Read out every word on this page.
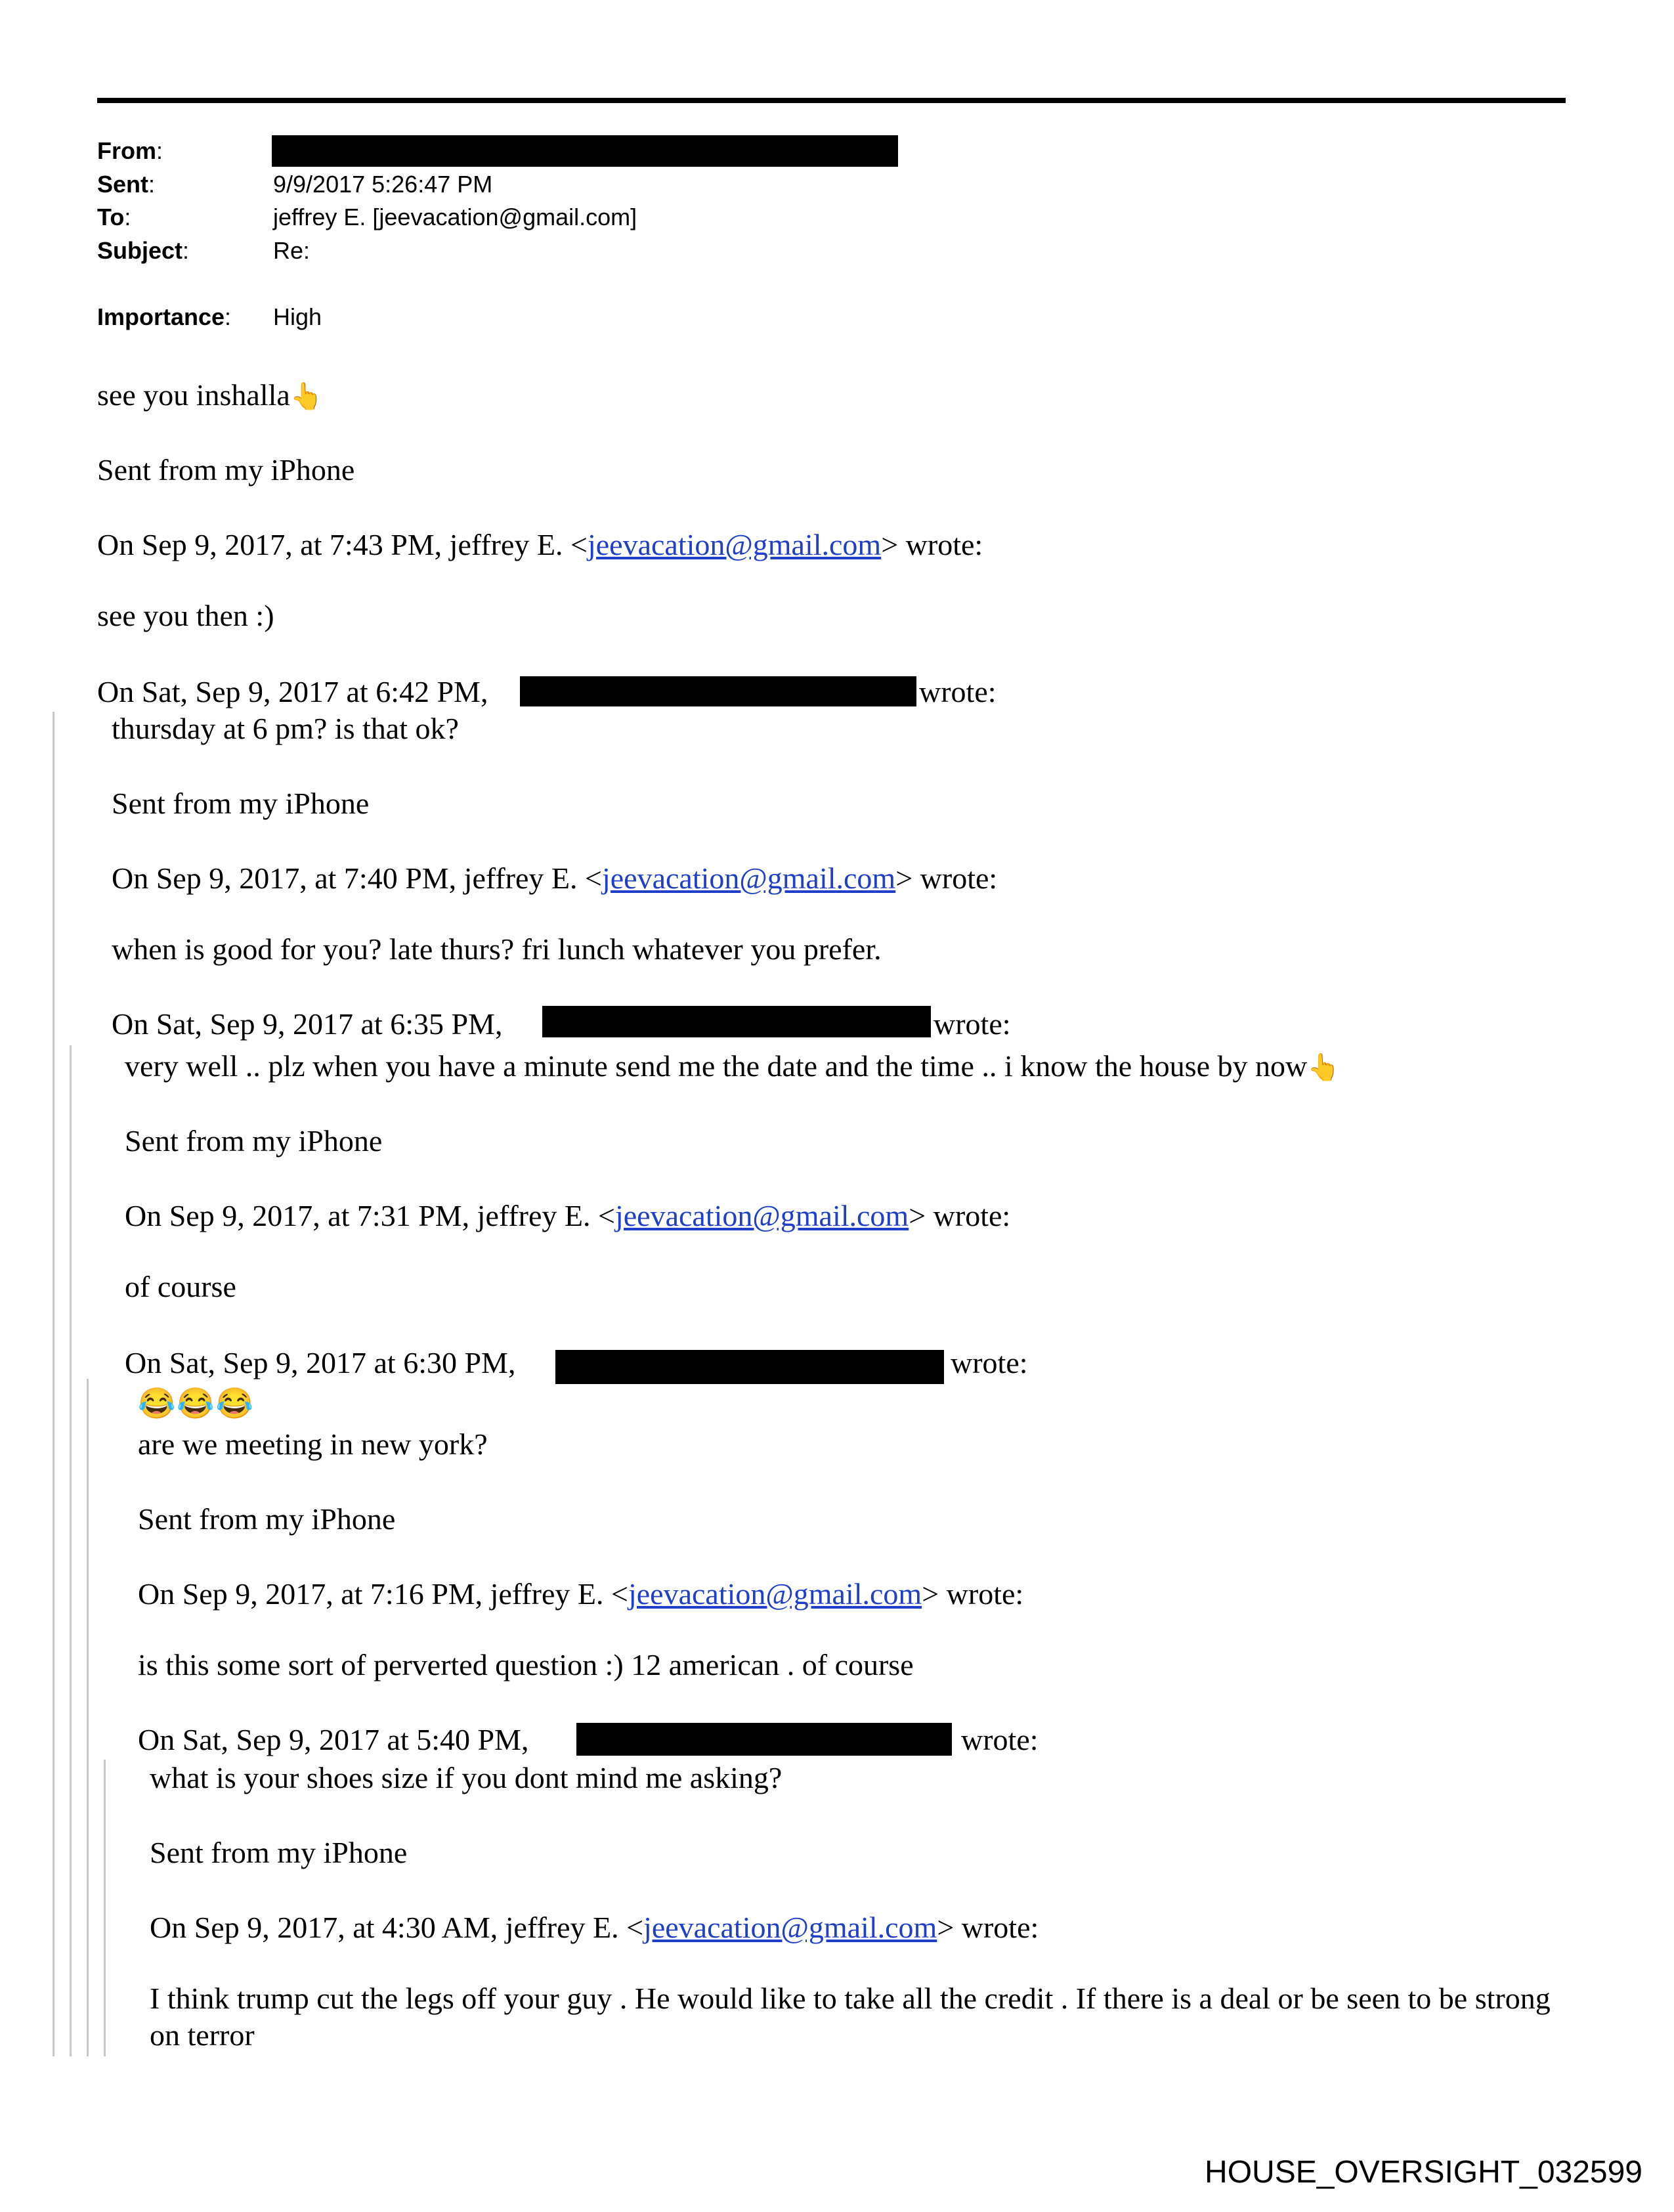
From:
Sent:	9/9/2017 5:26:47 PM
To:	jeffrey E. [jeevacation@gmail.com]
Subject:	Re:
Importance: High
see you inshalla👆
Sent from my iPhone
On Sep 9, 2017, at 7:43 PM, jeffrey E. <jeevacation@gmail.com> wrote:
see you then :)
On Sat, Sep 9, 2017 at 6:42 PM,	wrote:
thursday at 6 pm? is that ok?
Sent from my iPhone
On Sep 9, 2017, at 7:40 PM, jeffrey E. <jeevacation@gmail.com> wrote:
when is good for you? late thurs? fri lunch whatever you prefer.
On Sat, Sep 9, 2017 at 6:35 PM,	wrote:
very well .. plz when you have a minute send me the date and the time .. i know the house by now👆
Sent from my iPhone
On Sep 9, 2017, at 7:31 PM, jeffrey E. <jeevacation@gmail.com> wrote:
of course
On Sat, Sep 9, 2017 at 6:30 PM,	wrote:
😂😂😂
are we meeting in new york?
Sent from my iPhone
On Sep 9, 2017, at 7:16 PM, jeffrey E. <jeevacation@gmail.com> wrote:
is this some sort of perverted question :) 12 american . of course
On Sat, Sep 9, 2017 at 5:40 PM,	wrote:
what is your shoes size if you dont mind me asking?
Sent from my iPhone
On Sep 9, 2017, at 4:30 AM, jeffrey E. <jeevacation@gmail.com> wrote:
I think trump cut the legs off your guy . He would like to take all the credit . If there is a deal or be seen to be strong on terror
HOUSE_OVERSIGHT_032599
